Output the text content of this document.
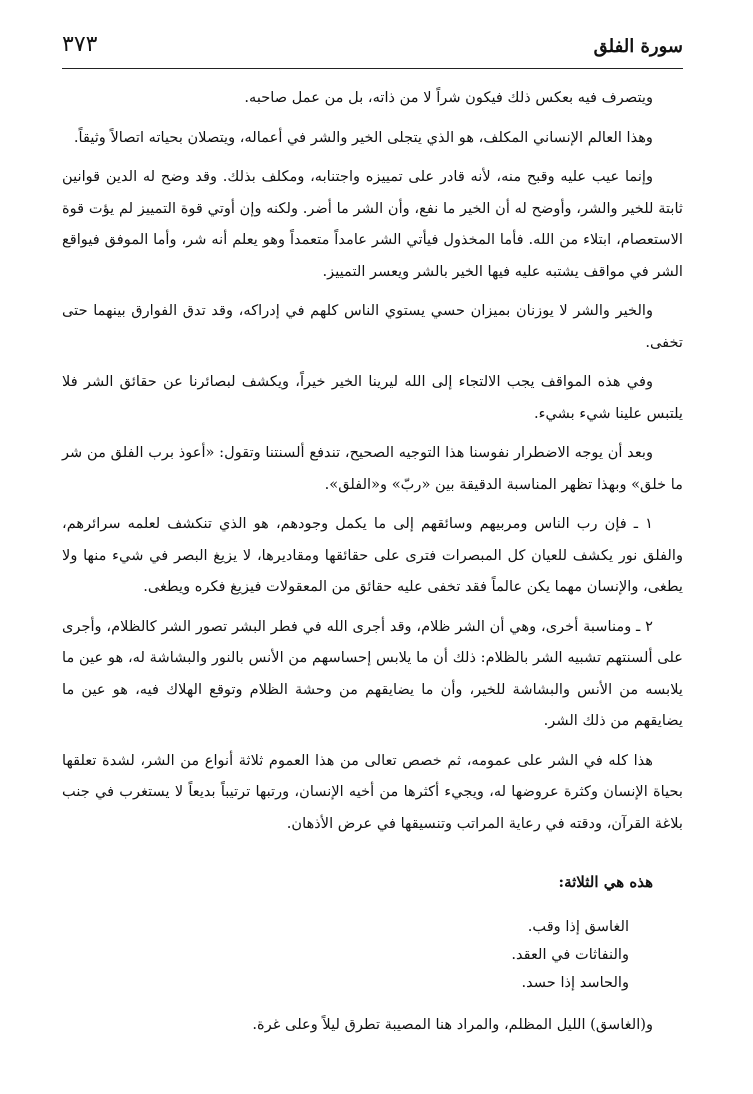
سورة الفلق
٣٧٣

ويتصرف فيه بعكس ذلك فيكون شراً لا من ذاته، بل من عمل صاحبه.

وهذا العالم الإنساني المكلف، هو الذي يتجلى الخير والشر في أعماله، ويتصلان بحياته اتصالاً وثيقاً.

وإنما عيب عليه وقبح منه، لأنه قادر على تمييزه واجتنابه، ومكلف بذلك. وقد وضح له الدين قوانين ثابتة للخير والشر، وأوضح له أن الخير ما نفع، وأن الشر ما أضر. ولكنه وإن أوتي قوة التمييز لم يؤت قوة الاستعصام، ابتلاء من الله. فأما المخذول فيأتي الشر عامداً متعمداً وهو يعلم أنه شر، وأما الموفق فيواقع الشر في مواقف يشتبه عليه فيها الخير بالشر ويعسر التمييز.

والخير والشر لا يوزنان بميزان حسي يستوي الناس كلهم في إدراكه، وقد تدق الفوارق بينهما حتى تخفى.

وفي هذه المواقف يجب الالتجاء إلى الله ليرينا الخير خيراً، ويكشف لبصائرنا عن حقائق الشر فلا يلتبس علينا شيء بشيء.

وبعد أن يوجه الاضطرار نفوسنا هذا التوجيه الصحيح، تندفع ألسنتنا وتقول: «أعوذ برب الفلق من شر ما خلق» وبهذا تظهر المناسبة الدقيقة بين «ربّ» و«الفلق».

١ ـ فإن رب الناس ومربيهم وسائقهم إلى ما يكمل وجودهم، هو الذي تنكشف لعلمه سرائرهم، والفلق نور يكشف للعيان كل المبصرات فترى على حقائقها ومقاديرها، لا يزيغ البصر في شيء منها ولا يطغى، والإنسان مهما يكن عالماً فقد تخفى عليه حقائق من المعقولات فيزيغ فكره ويطغى.

٢ ـ ومناسبة أخرى، وهي أن الشر ظلام، وقد أجرى الله في فطر البشر تصور الشر كالظلام، وأجرى على ألسنتهم تشبيه الشر بالظلام: ذلك أن ما يلابس إحساسهم من الأنس بالنور والبشاشة له، هو عين ما يلابسه من الأنس والبشاشة للخير، وأن ما يضايقهم من وحشة الظلام وتوقع الهلاك فيه، هو عين ما يضايقهم من ذلك الشر.

هذا كله في الشر على عمومه، ثم خصص تعالى من هذا العموم ثلاثة أنواع من الشر، لشدة تعلقها بحياة الإنسان وكثرة عروضها له، ويجيء أكثرها من أخيه الإنسان، ورتبها ترتيباً بديعاً لا يستغرب في جنب بلاغة القرآن، ودقته في رعاية المراتب وتنسيقها في عرض الأذهان.

هذه هي الثلاثة:

الغاسق إذا وقب.
والنفاثات في العقد.
والحاسد إذا حسد.

و(الغاسق) الليل المظلم، والمراد هنا المصيبة تطرق ليلاً وعلى غرة.
